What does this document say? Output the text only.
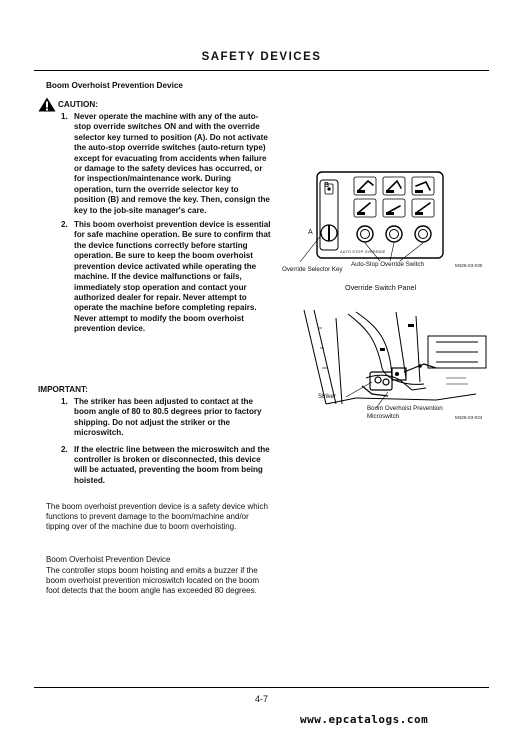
SAFETY DEVICES
Boom Overhoist Prevention Device
CAUTION:
1. Never operate the machine with any of the auto-stop override switches ON and with the override selector key turned to position (A). Do not activate the auto-stop override switches (auto-return type) except for evacuating from accidents when failure or damage to the safety devices has occurred, or for inspection/maintenance work. During operation, turn the override selector key to position (B) and remove the key. Then, consign the key to the job-site manager's care.
2. This boom overhoist prevention device is essential for safe machine operation. Be sure to confirm that the device functions correctly before starting operation. Be sure to keep the boom overhoist prevention device activated while operating the machine. If the device malfunctions or fails, immediately stop operation and contact your authorized dealer for repair. Never attempt to operate the machine before completing repairs. Never attempt to modify the boom overhoist prevention device.
IMPORTANT:
1. The striker has been adjusted to contact at the boom angle of 80 to 80.5 degrees prior to factory shipping. Do not adjust the striker or the microswitch.
2. If the electric line between the microswitch and the controller is broken or disconnected, this device will be actuated, preventing the boom from being hoisted.
The boom overhoist prevention device is a safety device which functions to prevent damage to the boom/machine and/or tipping over of the machine due to boom overhoisting.
Boom Overhoist Prevention Device
The controller stops boom hoisting and emits a buzzer if the boom overhoist prevention microswitch located on the boom foot detects that the boom angle has exceeded 80 degrees.
B
A
AUTO STOP OVERRIDE
Override Selector Key
Auto-Stop Override Switch	M326-03-030
Override Switch Panel
Striker
Boom Overhoist Prevention
Microswitch	M326-03-024
4-7
www.epcatalogs.com
